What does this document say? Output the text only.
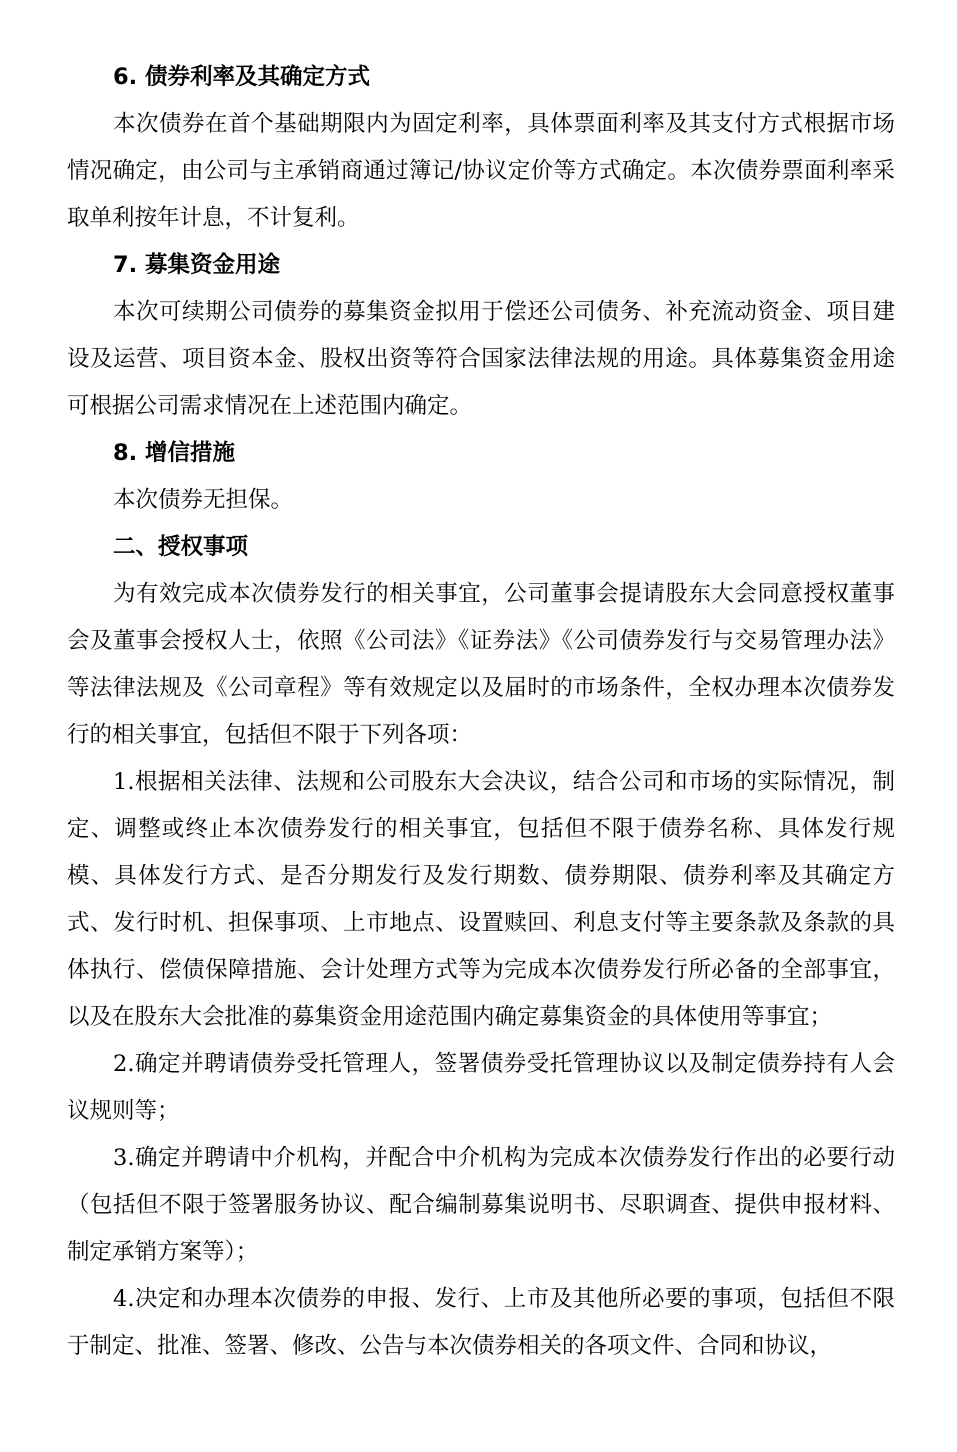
6. 债券利率及其确定方式

本次债券在首个基础期限内为固定利率，具体票面利率及其支付方式根据市场情况确定，由公司与主承销商通过簿记/协议定价等方式确定。本次债券票面利率采取单利按年计息，不计复利。

7. 募集资金用途

本次可续期公司债券的募集资金拟用于偿还公司债务、补充流动资金、项目建设及运营、项目资本金、股权出资等符合国家法律法规的用途。具体募集资金用途可根据公司需求情况在上述范围内确定。

8. 增信措施

本次债券无担保。

二、授权事项

为有效完成本次债券发行的相关事宜，公司董事会提请股东大会同意授权董事会及董事会授权人士，依照《公司法》《证券法》《公司债券发行与交易管理办法》等法律法规及《公司章程》等有效规定以及届时的市场条件，全权办理本次债券发行的相关事宜，包括但不限于下列各项：

1.根据相关法律、法规和公司股东大会决议，结合公司和市场的实际情况，制定、调整或终止本次债券发行的相关事宜，包括但不限于债券名称、具体发行规模、具体发行方式、是否分期发行及发行期数、债券期限、债券利率及其确定方式、发行时机、担保事项、上市地点、设置赎回、利息支付等主要条款及条款的具体执行、偿债保障措施、会计处理方式等为完成本次债券发行所必备的全部事宜，以及在股东大会批准的募集资金用途范围内确定募集资金的具体使用等事宜；

2.确定并聘请债券受托管理人，签署债券受托管理协议以及制定债券持有人会议规则等；

3.确定并聘请中介机构，并配合中介机构为完成本次债券发行作出的必要行动（包括但不限于签署服务协议、配合编制募集说明书、尽职调查、提供申报材料、制定承销方案等）；

4.决定和办理本次债券的申报、发行、上市及其他所必要的事项，包括但不限于制定、批准、签署、修改、公告与本次债券相关的各项文件、合同和协议，
